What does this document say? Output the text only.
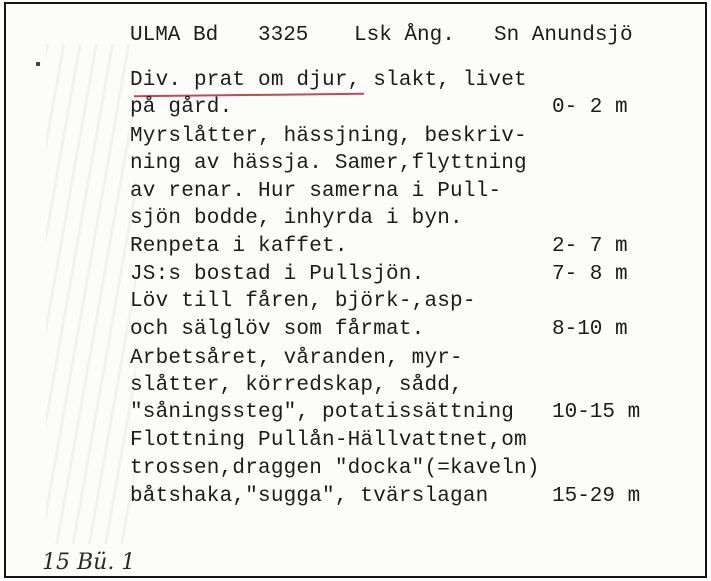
ULMA Bd 3325 Lsk Ång. Sn Anundsjö
Div. prat om djur, slakt, livet
på gård.
Myrslåtter, hässjning, beskriv-
ning av hässja. Samer,flyttning
av renar. Hur samerna i Pull-
sjön bodde, inhyrda i byn.
Renpeta i kaffet.
JS:s bostad i Pullsjön.
Löv till fåren, björk-,asp-
och sälglöv som fårmat.
Arbetsåret, våranden, myr-
slåtter, körredskap, sådd,
"såningssteg", potatissättning
Flottning Pullån-Hällvattnet,om
trossen,draggen "docka"(=kaveln)
båtshaka,"sugga", tvärslagan
0- 2 m
2- 7 m
7- 8 m
8-10 m
10-15 m
15-29 m
15 Bü. 1
